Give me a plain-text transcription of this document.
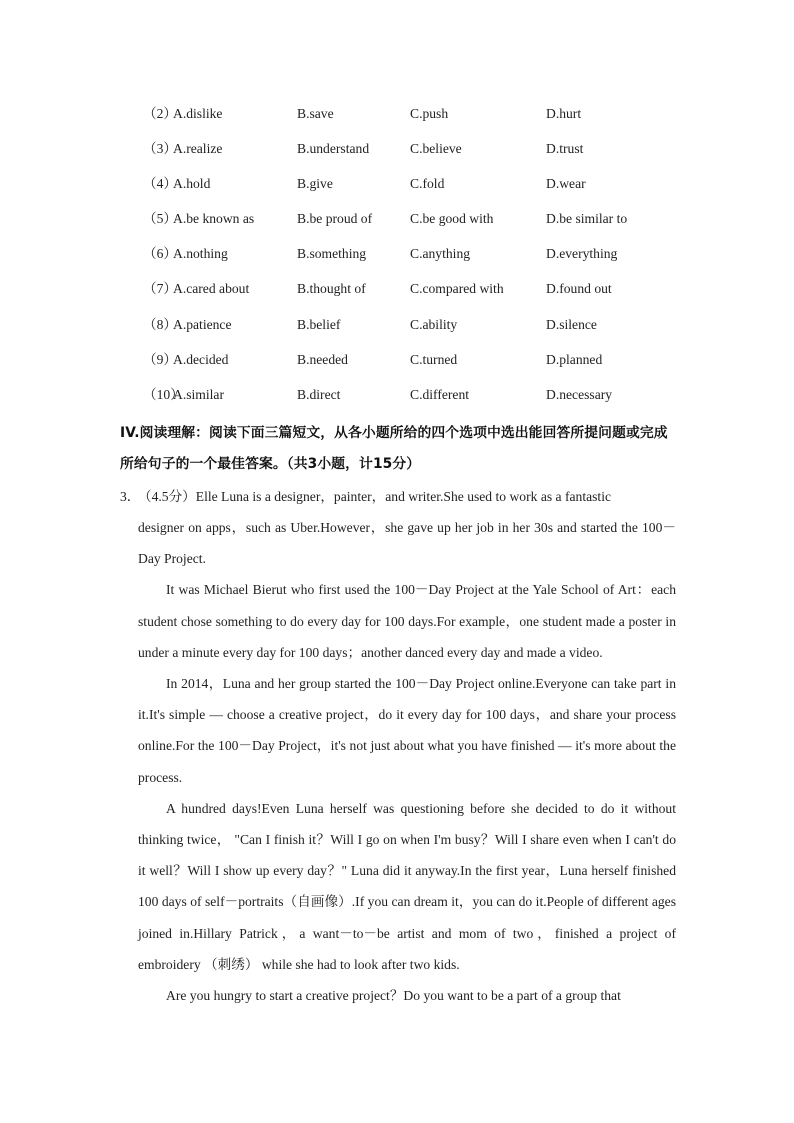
（2）
A.dislike	B.save	C.push	D.hurt
（3）
A.realize	B.understand	C.believe	D.trust
（4）
A.hold	B.give	C.fold	D.wear
（5）
A.be known as	B.be proud of	C.be good with	D.be similar to
（6）
A.nothing	B.something	C.anything	D.everything
（7）
A.cared about	B.thought of	C.compared with	D.found out
（8）
A.patience	B.belief	C.ability	D.silence
（9）
A.decided	B.needed	C.turned	D.planned
（10）
A.similar	B.direct	C.different	D.necessary
IV.阅读理解：阅读下面三篇短文，从各小题所给的四个选项中选出能回答所提问题或完成所给句子的一个最佳答案。（共3小题，计15分）
3．（4.5分）Elle Luna is a designer，painter，and writer.She used to work as a fantastic

designer on apps，such as Uber.However，she gave up her job in her 30s and started the 100－Day Project.

It was Michael Bierut who first used the 100－Day Project at the Yale School of Art：each student chose something to do every day for 100 days.For example，one student made a poster in under a minute every day for 100 days；another danced every day and made a video.

In 2014，Luna and her group started the 100－Day Project online.Everyone can take part in it.It's simple — choose a creative project，do it every day for 100 days，and share your process online.For the 100－Day Project，it's not just about what you have finished — it's more about the process.

A hundred days!Even Luna herself was questioning before she decided to do it without thinking twice， "Can I finish it？Will I go on when I'm busy？Will I share even when I can't do it well？Will I show up every day？" Luna did it anyway.In the first year，Luna herself finished 100 days of self－portraits（自画像）.If you can dream it，you can do it.People of different ages joined in.Hillary Patrick，a want－to－be artist and mom of two，finished a project of embroidery （刺绣） while she had to look after two kids.

Are you hungry to start a creative project？Do you want to be a part of a group that
